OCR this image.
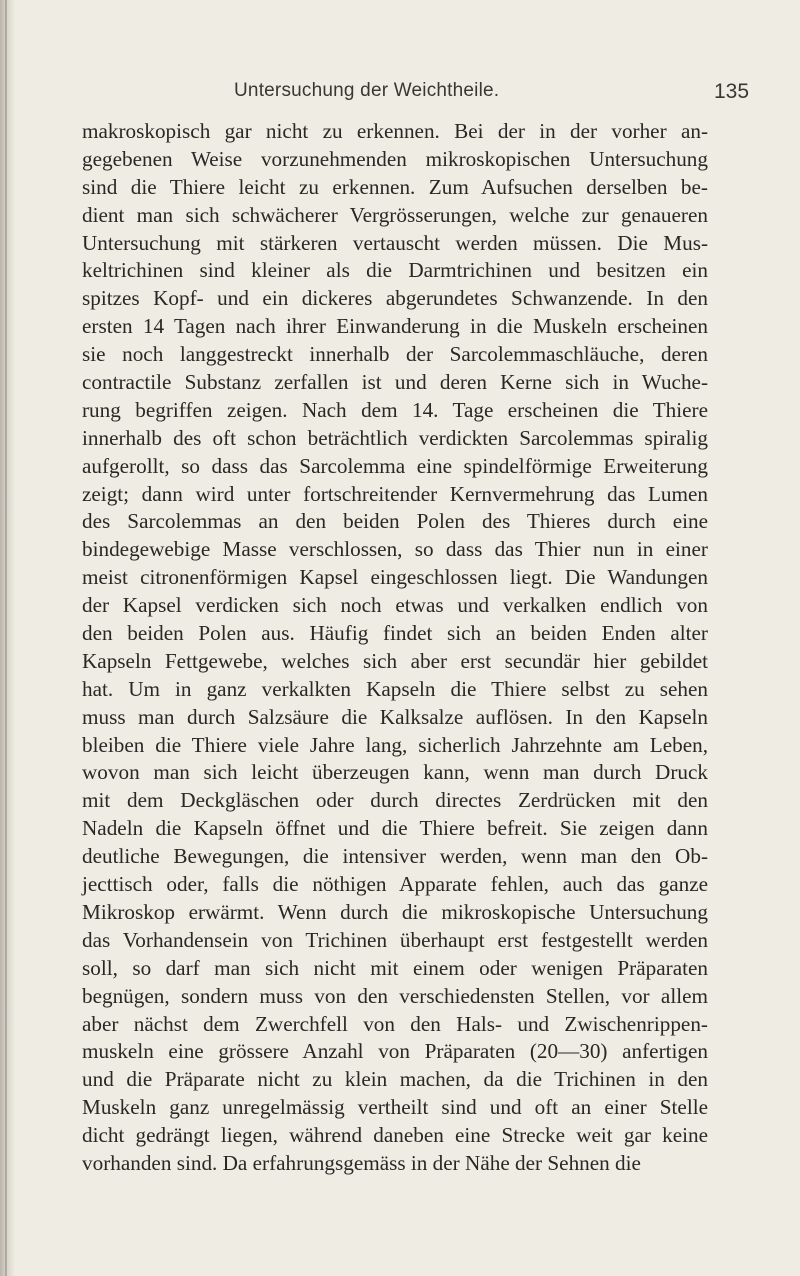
Untersuchung der Weichtheile.	135
makroskopisch gar nicht zu erkennen. Bei der in der vorher an-
gegebenen Weise vorzunehmenden mikroskopischen Untersuchung
sind die Thiere leicht zu erkennen. Zum Aufsuchen derselben be-
dient man sich schwächerer Vergrösserungen, welche zur genaueren
Untersuchung mit stärkeren vertauscht werden müssen. Die Mus-
keltrichinen sind kleiner als die Darmtrichinen und besitzen ein
spitzes Kopf- und ein dickeres abgerundetes Schwanzende. In den
ersten 14 Tagen nach ihrer Einwanderung in die Muskeln erscheinen
sie noch langgestreckt innerhalb der Sarcolemmaschläuche, deren
contractile Substanz zerfallen ist und deren Kerne sich in Wuche-
rung begriffen zeigen. Nach dem 14. Tage erscheinen die Thiere
innerhalb des oft schon beträchtlich verdickten Sarcolemmas spiralig
aufgerollt, so dass das Sarcolemma eine spindelförmige Erweiterung
zeigt; dann wird unter fortschreitender Kernvermehrung das Lumen
des Sarcolemmas an den beiden Polen des Thieres durch eine
bindegewebige Masse verschlossen, so dass das Thier nun in einer
meist citronenförmigen Kapsel eingeschlossen liegt. Die Wandungen
der Kapsel verdicken sich noch etwas und verkalken endlich von
den beiden Polen aus. Häufig findet sich an beiden Enden alter
Kapseln Fettgewebe, welches sich aber erst secundär hier gebildet
hat. Um in ganz verkalkten Kapseln die Thiere selbst zu sehen
muss man durch Salzsäure die Kalksalze auflösen. In den Kapseln
bleiben die Thiere viele Jahre lang, sicherlich Jahrzehnte am Leben,
wovon man sich leicht überzeugen kann, wenn man durch Druck
mit dem Deckgläschen oder durch directes Zerdrücken mit den
Nadeln die Kapseln öffnet und die Thiere befreit. Sie zeigen dann
deutliche Bewegungen, die intensiver werden, wenn man den Ob-
jecttisch oder, falls die nöthigen Apparate fehlen, auch das ganze
Mikroskop erwärmt. Wenn durch die mikroskopische Untersuchung
das Vorhandensein von Trichinen überhaupt erst festgestellt werden
soll, so darf man sich nicht mit einem oder wenigen Präparaten
begnügen, sondern muss von den verschiedensten Stellen, vor allem
aber nächst dem Zwerchfell von den Hals- und Zwischenrippen-
muskeln eine grössere Anzahl von Präparaten (20—30) anfertigen
und die Präparate nicht zu klein machen, da die Trichinen in den
Muskeln ganz unregelmässig vertheilt sind und oft an einer Stelle
dicht gedrängt liegen, während daneben eine Strecke weit gar keine
vorhanden sind. Da erfahrungsgemäss in der Nähe der Sehnen die
